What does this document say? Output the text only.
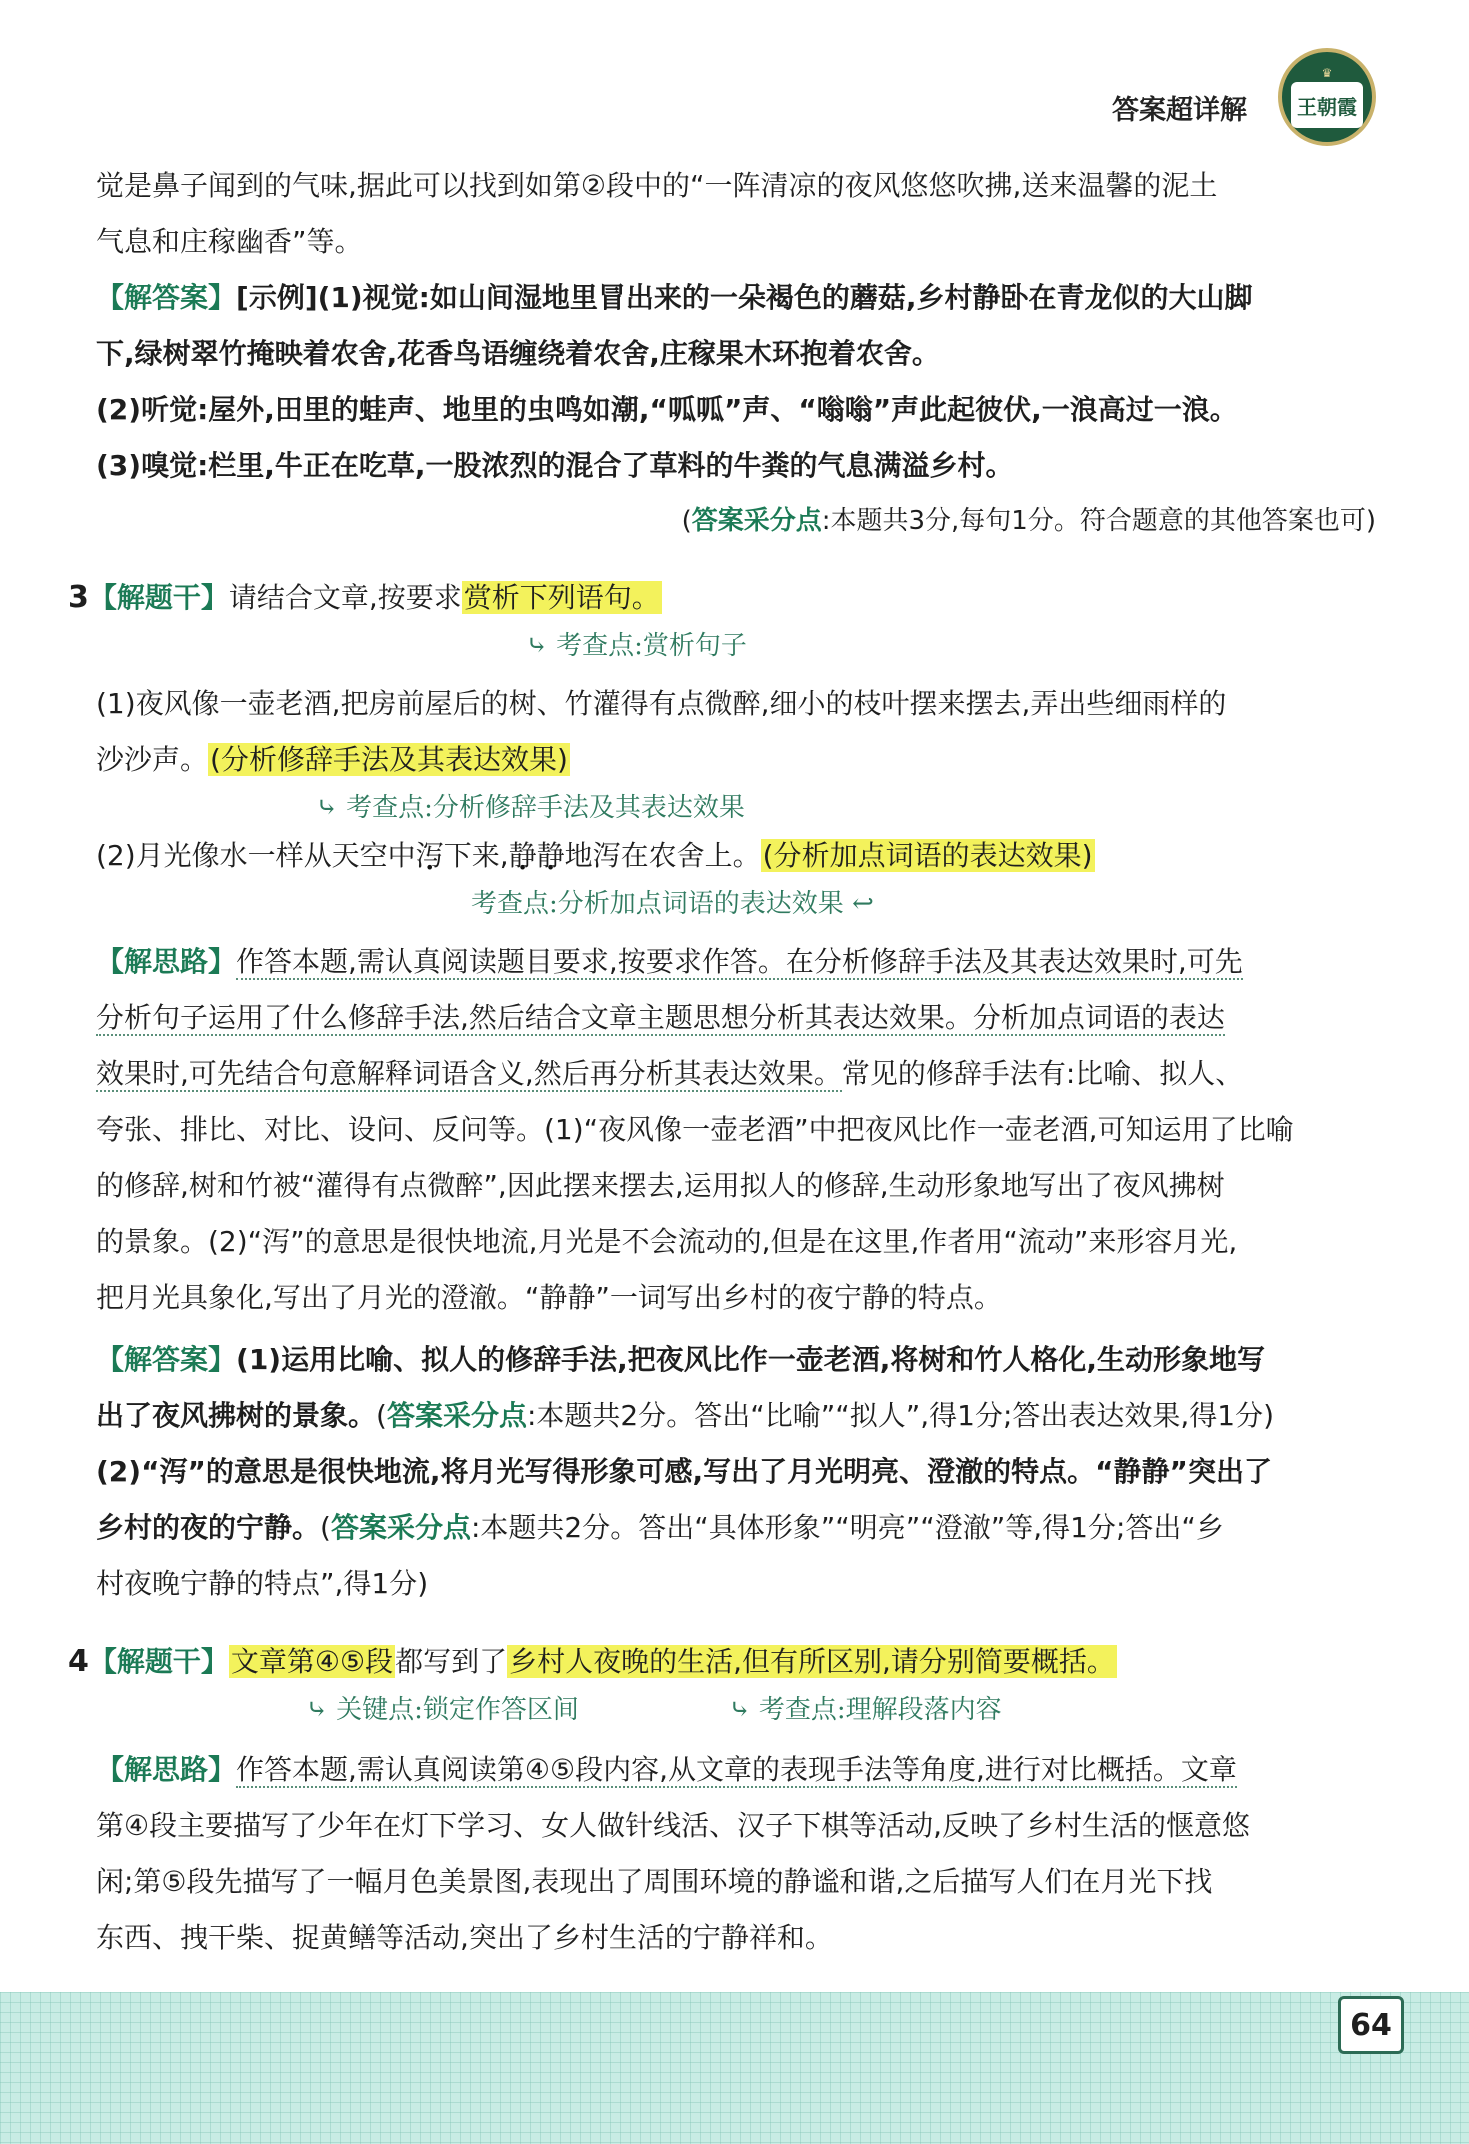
答案超详解
♛
王朝霞
觉是鼻子闻到的气味,据此可以找到如第②段中的“一阵清凉的夜风悠悠吹拂,送来温馨的泥土
气息和庄稼幽香”等。
【解答案】[示例](1)视觉:如山间湿地里冒出来的一朵褐色的蘑菇,乡村静卧在青龙似的大山脚
下,绿树翠竹掩映着农舍,花香鸟语缠绕着农舍,庄稼果木环抱着农舍。
(2)听觉:屋外,田里的蛙声、地里的虫鸣如潮,“呱呱”声、“嗡嗡”声此起彼伏,一浪高过一浪。
(3)嗅觉:栏里,牛正在吃草,一股浓烈的混合了草料的牛粪的气息满溢乡村。
(答案采分点:本题共3分,每句1分。符合题意的其他答案也可)
3【解题干】请结合文章,按要求赏析下列语句。
⤷ 考查点:赏析句子
(1)夜风像一壶老酒,把房前屋后的树、竹灌得有点微醉,细小的枝叶摆来摆去,弄出些细雨样的
沙沙声。(分析修辞手法及其表达效果)
⤷ 考查点:分析修辞手法及其表达效果
(2)月光像水一样从天空中泻下来,静静地泻在农舍上。(分析加点词语的表达效果)
考查点:分析加点词语的表达效果 ↩
【解思路】作答本题,需认真阅读题目要求,按要求作答。在分析修辞手法及其表达效果时,可先
分析句子运用了什么修辞手法,然后结合文章主题思想分析其表达效果。分析加点词语的表达
效果时,可先结合句意解释词语含义,然后再分析其表达效果。常见的修辞手法有:比喻、拟人、
夸张、排比、对比、设问、反问等。(1)“夜风像一壶老酒”中把夜风比作一壶老酒,可知运用了比喻
的修辞,树和竹被“灌得有点微醉”,因此摆来摆去,运用拟人的修辞,生动形象地写出了夜风拂树
的景象。(2)“泻”的意思是很快地流,月光是不会流动的,但是在这里,作者用“流动”来形容月光,
把月光具象化,写出了月光的澄澈。“静静”一词写出乡村的夜宁静的特点。
【解答案】(1)运用比喻、拟人的修辞手法,把夜风比作一壶老酒,将树和竹人格化,生动形象地写
出了夜风拂树的景象。(答案采分点:本题共2分。答出“比喻”“拟人”,得1分;答出表达效果,得1分)
(2)“泻”的意思是很快地流,将月光写得形象可感,写出了月光明亮、澄澈的特点。“静静”突出了
乡村的夜的宁静。(答案采分点:本题共2分。答出“具体形象”“明亮”“澄澈”等,得1分;答出“乡
村夜晚宁静的特点”,得1分)
4【解题干】文章第④⑤段都写到了乡村人夜晚的生活,但有所区别,请分别简要概括。
⤷ 关键点:锁定作答区间	⤷ 考查点:理解段落内容
【解思路】作答本题,需认真阅读第④⑤段内容,从文章的表现手法等角度,进行对比概括。文章
第④段主要描写了少年在灯下学习、女人做针线活、汉子下棋等活动,反映了乡村生活的惬意悠
闲;第⑤段先描写了一幅月色美景图,表现出了周围环境的静谧和谐,之后描写人们在月光下找
东西、拽干柴、捉黄鳝等活动,突出了乡村生活的宁静祥和。
64
